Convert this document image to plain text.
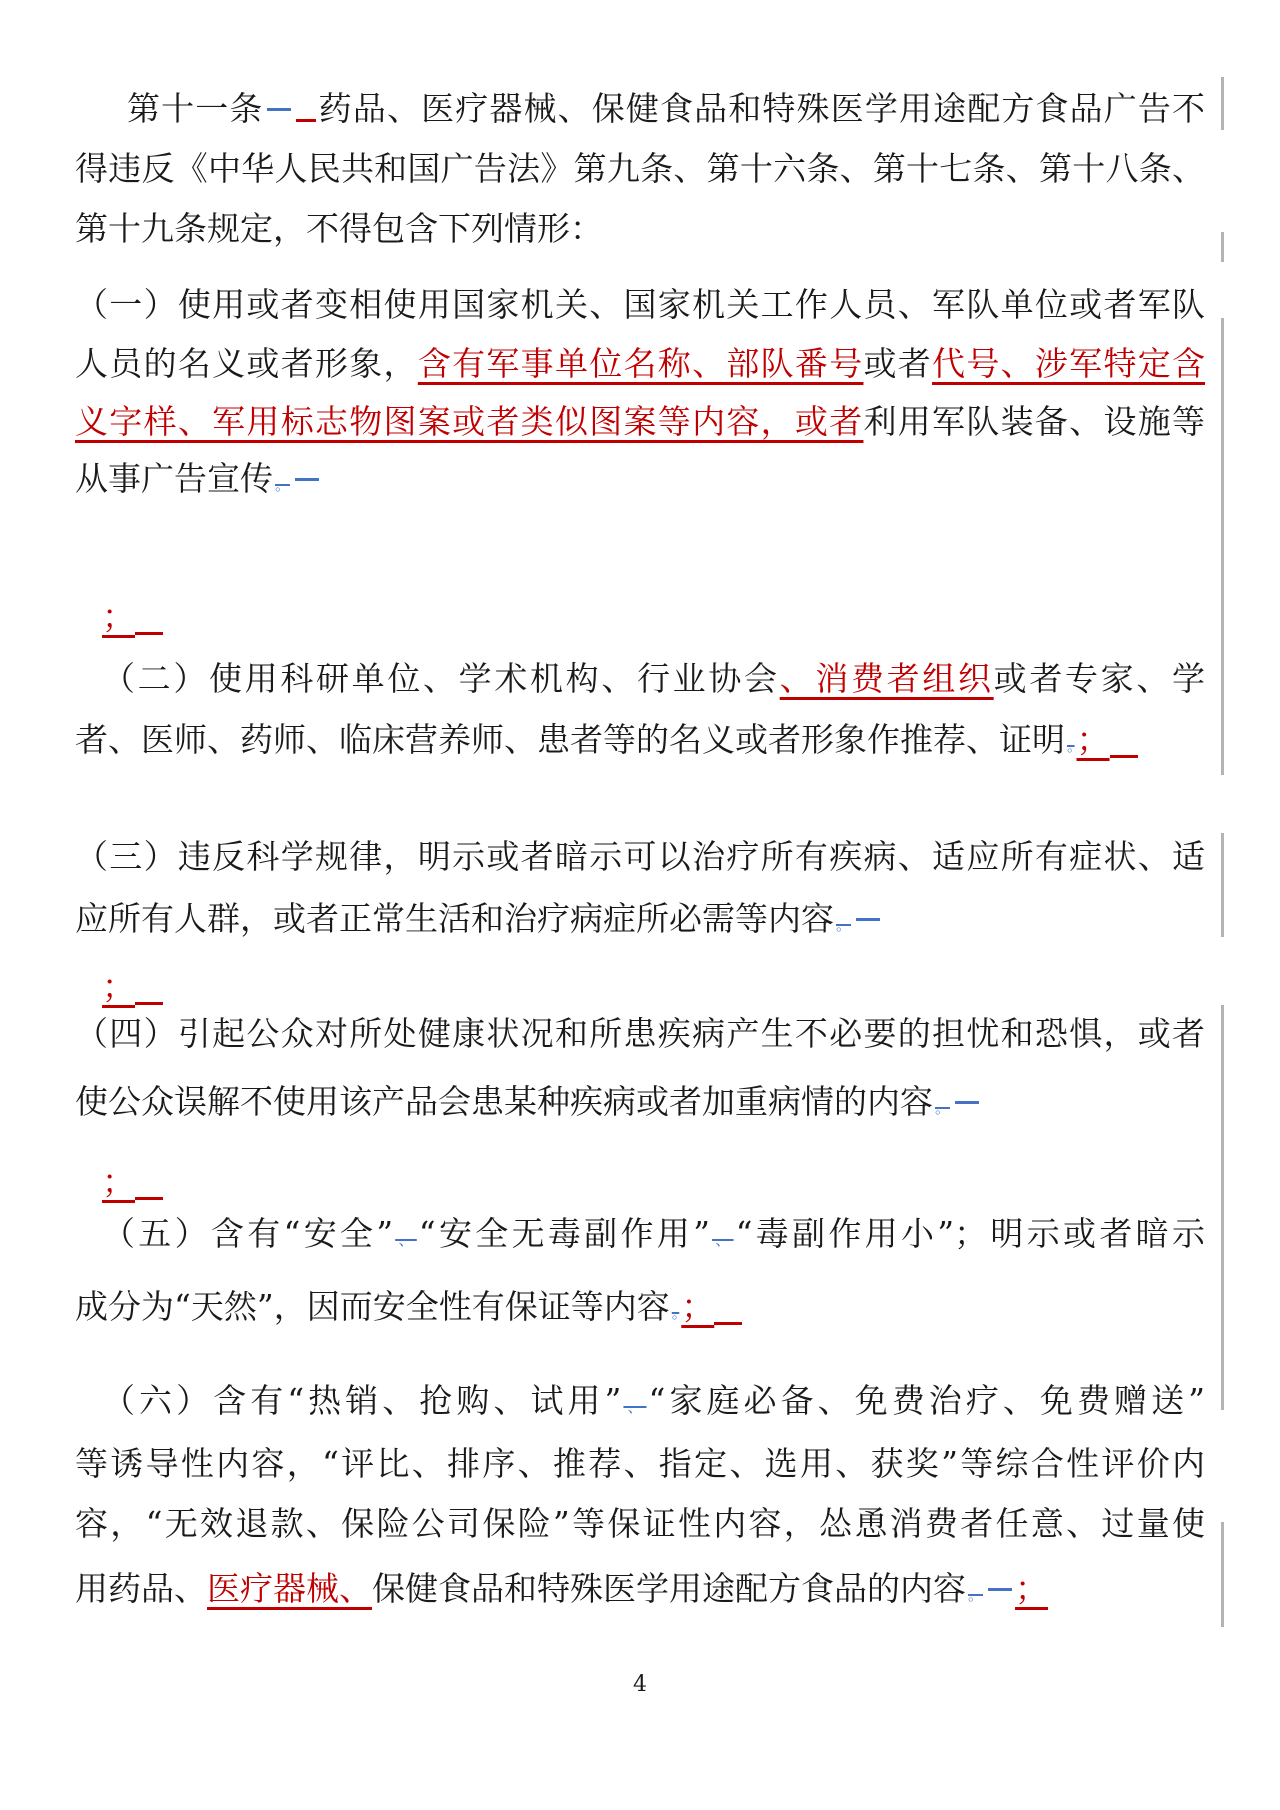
第十一条 药品、医疗器械、保健食品和特殊医学用途配方食品广告不
得违反《中华人民共和国广告法》第九条、第十六条、第十七条、第十八条、
第十九条规定，不得包含下列情形：
（一）使用或者变相使用国家机关、国家机关工作人员、军队单位或者军队
人员的名义或者形象，含有军事单位名称、部队番号或者代号、涉军特定含
义字样、军用标志物图案或者类似图案等内容，或者利用军队装备、设施等
从事广告宣传 。
；
（二）使用科研单位、学术机构、行业协会、消费者组织或者专家、学
者、医师、药师、临床营养师、患者等的名义或者形象作推荐、证明 。；
（三）违反科学规律，明示或者暗示可以治疗所有疾病、适应所有症状、适
应所有人群，或者正常生活和治疗病症所必需等内容 。
；
（四）引起公众对所处健康状况和所患疾病产生不必要的担忧和恐惧，或者
使公众误解不使用该产品会患某种疾病或者加重病情的内容 。
；
（五）含有“安全” 、“安全无毒副作用” 、“毒副作用小”；明示或者暗示
成分为“天然”，因而安全性有保证等内容 。；
（六）含有“热销、抢购、试用” 、“家庭必备、免费治疗、免费赠送”
等诱导性内容，“评比、排序、推荐、指定、选用、获奖”等综合性评价内
容，“无效退款、保险公司保险”等保证性内容，怂恿消费者任意、过量使
用药品、医疗器械、保健食品和特殊医学用途配方食品的内容 。 ；
4
